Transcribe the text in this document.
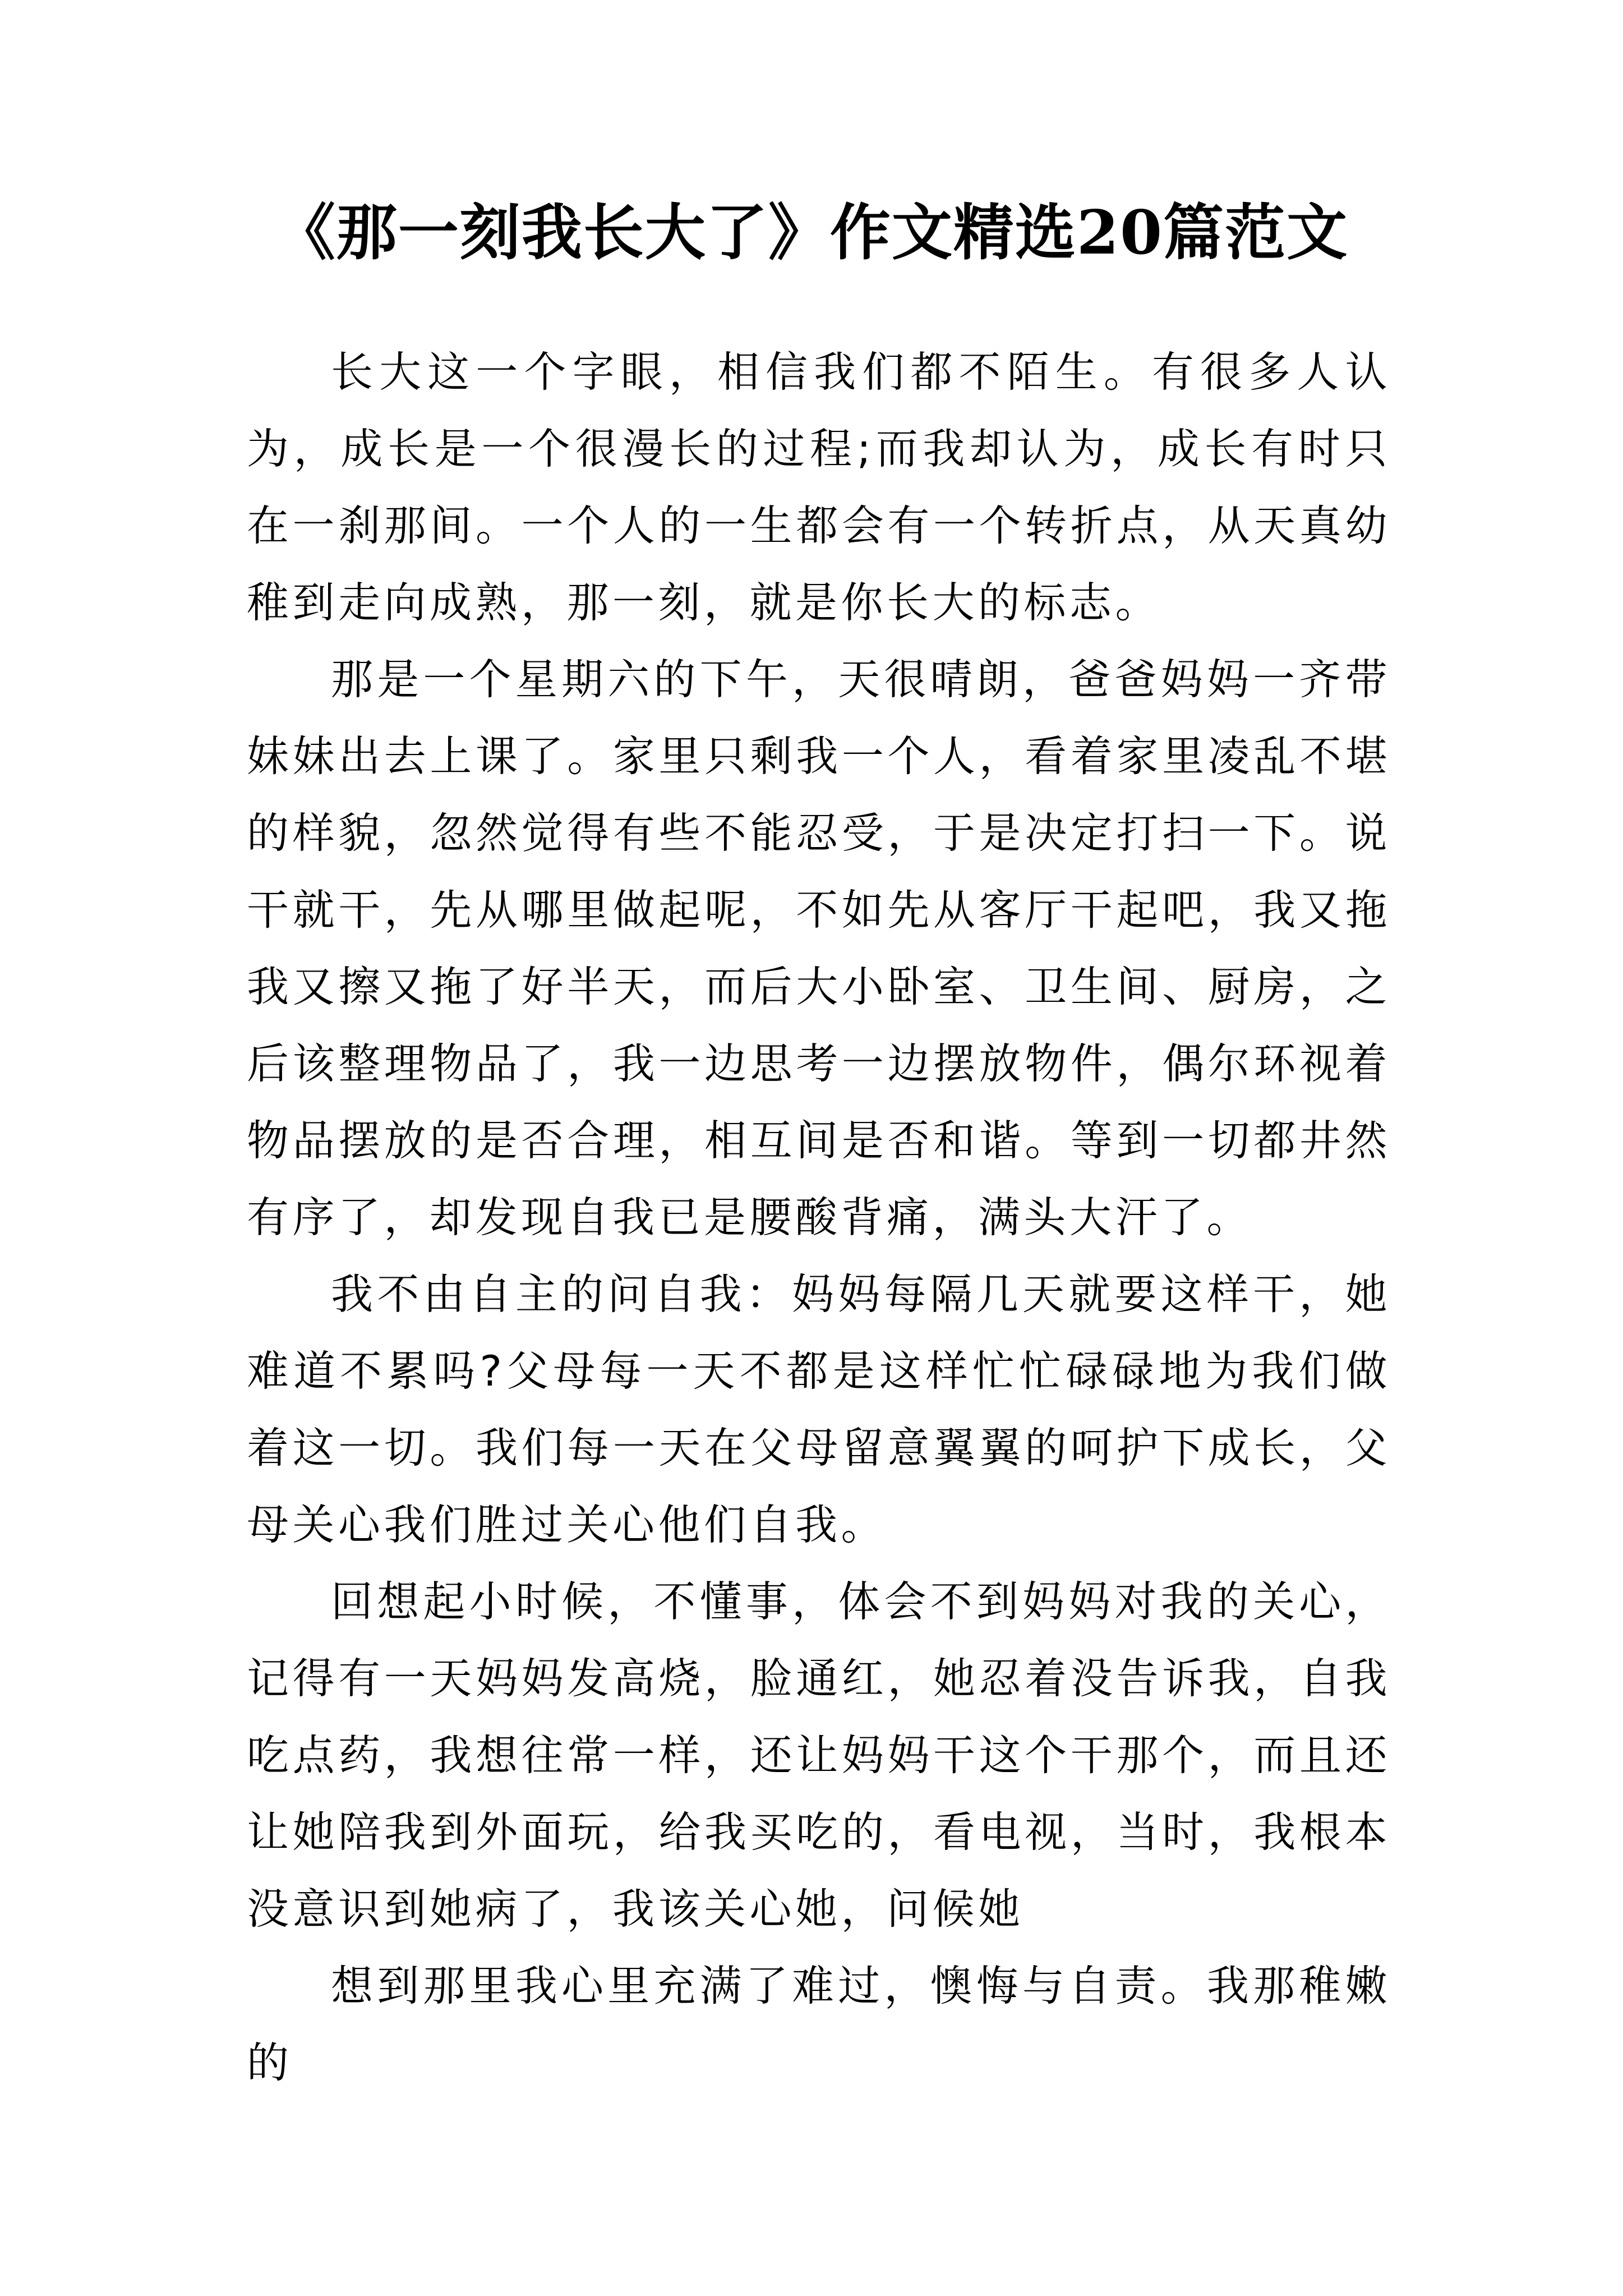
《那一刻我长大了》作文精选20篇范文

长大这一个字眼，相信我们都不陌生。有很多人认为，成长是一个很漫长的过程;而我却认为，成长有时只在一刹那间。一个人的一生都会有一个转折点，从天真幼稚到走向成熟，那一刻，就是你长大的标志。

那是一个星期六的下午，天很晴朗，爸爸妈妈一齐带妹妹出去上课了。家里只剩我一个人，看着家里凌乱不堪的样貌，忽然觉得有些不能忍受，于是决定打扫一下。说干就干，先从哪里做起呢，不如先从客厅干起吧，我又拖我又擦又拖了好半天，而后大小卧室、卫生间、厨房，之后该整理物品了，我一边思考一边摆放物件，偶尔环视着物品摆放的是否合理，相互间是否和谐。等到一切都井然有序了，却发现自我已是腰酸背痛，满头大汗了。

我不由自主的问自我：妈妈每隔几天就要这样干，她难道不累吗?父母每一天不都是这样忙忙碌碌地为我们做着这一切。我们每一天在父母留意翼翼的呵护下成长，父母关心我们胜过关心他们自我。

回想起小时候，不懂事，体会不到妈妈对我的关心，记得有一天妈妈发高烧，脸通红，她忍着没告诉我，自我吃点药，我想往常一样，还让妈妈干这个干那个，而且还让她陪我到外面玩，给我买吃的，看电视，当时，我根本没意识到她病了，我该关心她，问候她

想到那里我心里充满了难过，懊悔与自责。我那稚嫩的
